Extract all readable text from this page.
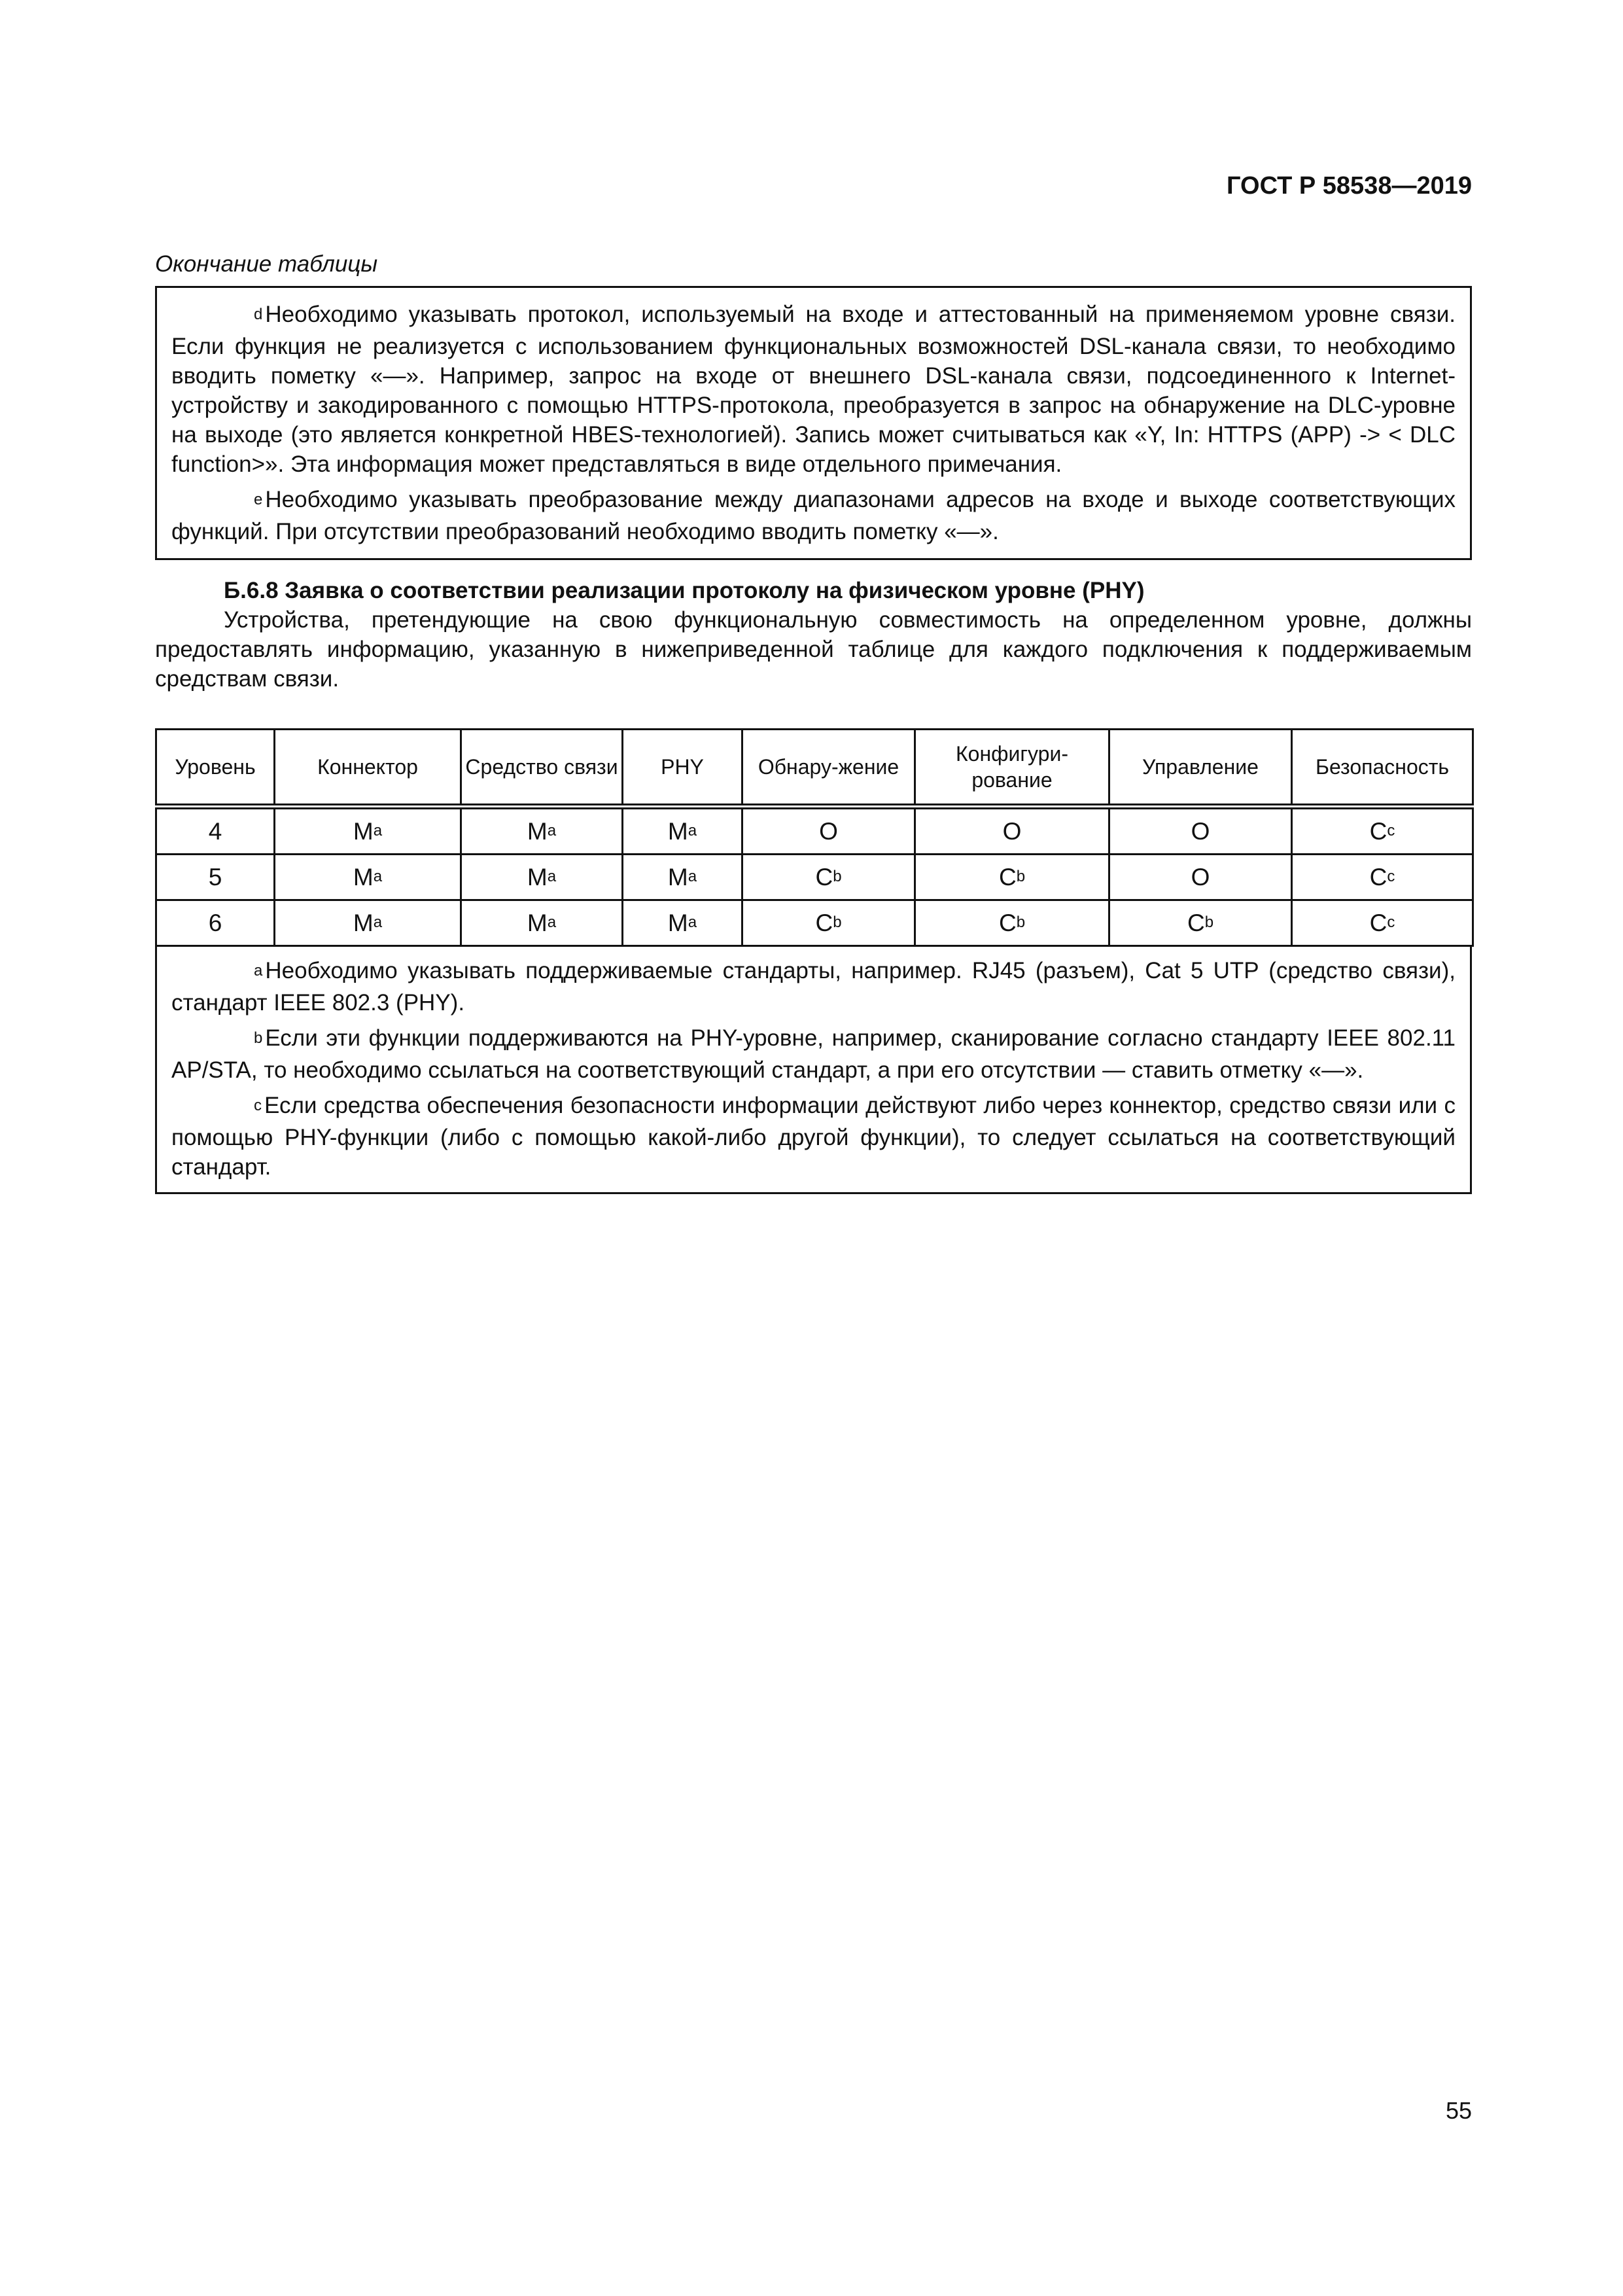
ГОСТ Р 58538—2019
Окончание таблицы

$^d$ Необходимо указывать протокол, используемый на входе и аттестованный на применяемом уровне связи. Если функция не реализуется с использованием функциональных возможностей DSL-канала связи, то необходимо вводить пометку «—». Например, запрос на входе от внешнего DSL-канала связи, подсоединенного к Internet-устройству и закодированного с помощью HTTPS-протокола, преобразуется в запрос на обнаружение на DLC-уровне на выходе (это является конкретной HBES-технологией). Запись может считываться как «Y, In: HTTPS (APP) -> < DLC function>». Эта информация может представляться в виде отдельного примечания.

$^e$ Необходимо указывать преобразование между диапазонами адресов на входе и выходе соответствующих функций. При отсутствии преобразований необходимо вводить пометку «—».

Б.6.8 Заявка о соответствии реализации протоколу на физическом уровне (PHY)

Устройства, претендующие на свою функциональную совместимость на определенном уровне, должны предоставлять информацию, указанную в нижеприведенной таблице для каждого подключения к поддерживаемым средствам связи.

Уровень	Коннектор	Средство связи	PHY	Обнару-жение	Конфигури-рование	Управление	Безопасность
4	$M^a$	$M^a$	$M^a$	O	O	O	$C^c$
5	$M^a$	$M^a$	$M^a$	$C^b$	$C^b$	O	$C^c$
6	$M^a$	$M^a$	$M^a$	$C^b$	$C^b$	$C^b$	$C^c$

$^a$ Необходимо указывать поддерживаемые стандарты, например. RJ45 (разъем), Cat 5 UTP (средство связи), стандарт IEEE 802.3 (PHY).

$^b$ Если эти функции поддерживаются на PHY-уровне, например, сканирование согласно стандарту IEEE 802.11 AP/STA, то необходимо ссылаться на соответствующий стандарт, а при его отсутствии — ставить отметку «—».

$^c$ Если средства обеспечения безопасности информации действуют либо через коннектор, средство связи или с помощью PHY-функции (либо с помощью какой-либо другой функции), то следует ссылаться на соответствующий стандарт.

55
